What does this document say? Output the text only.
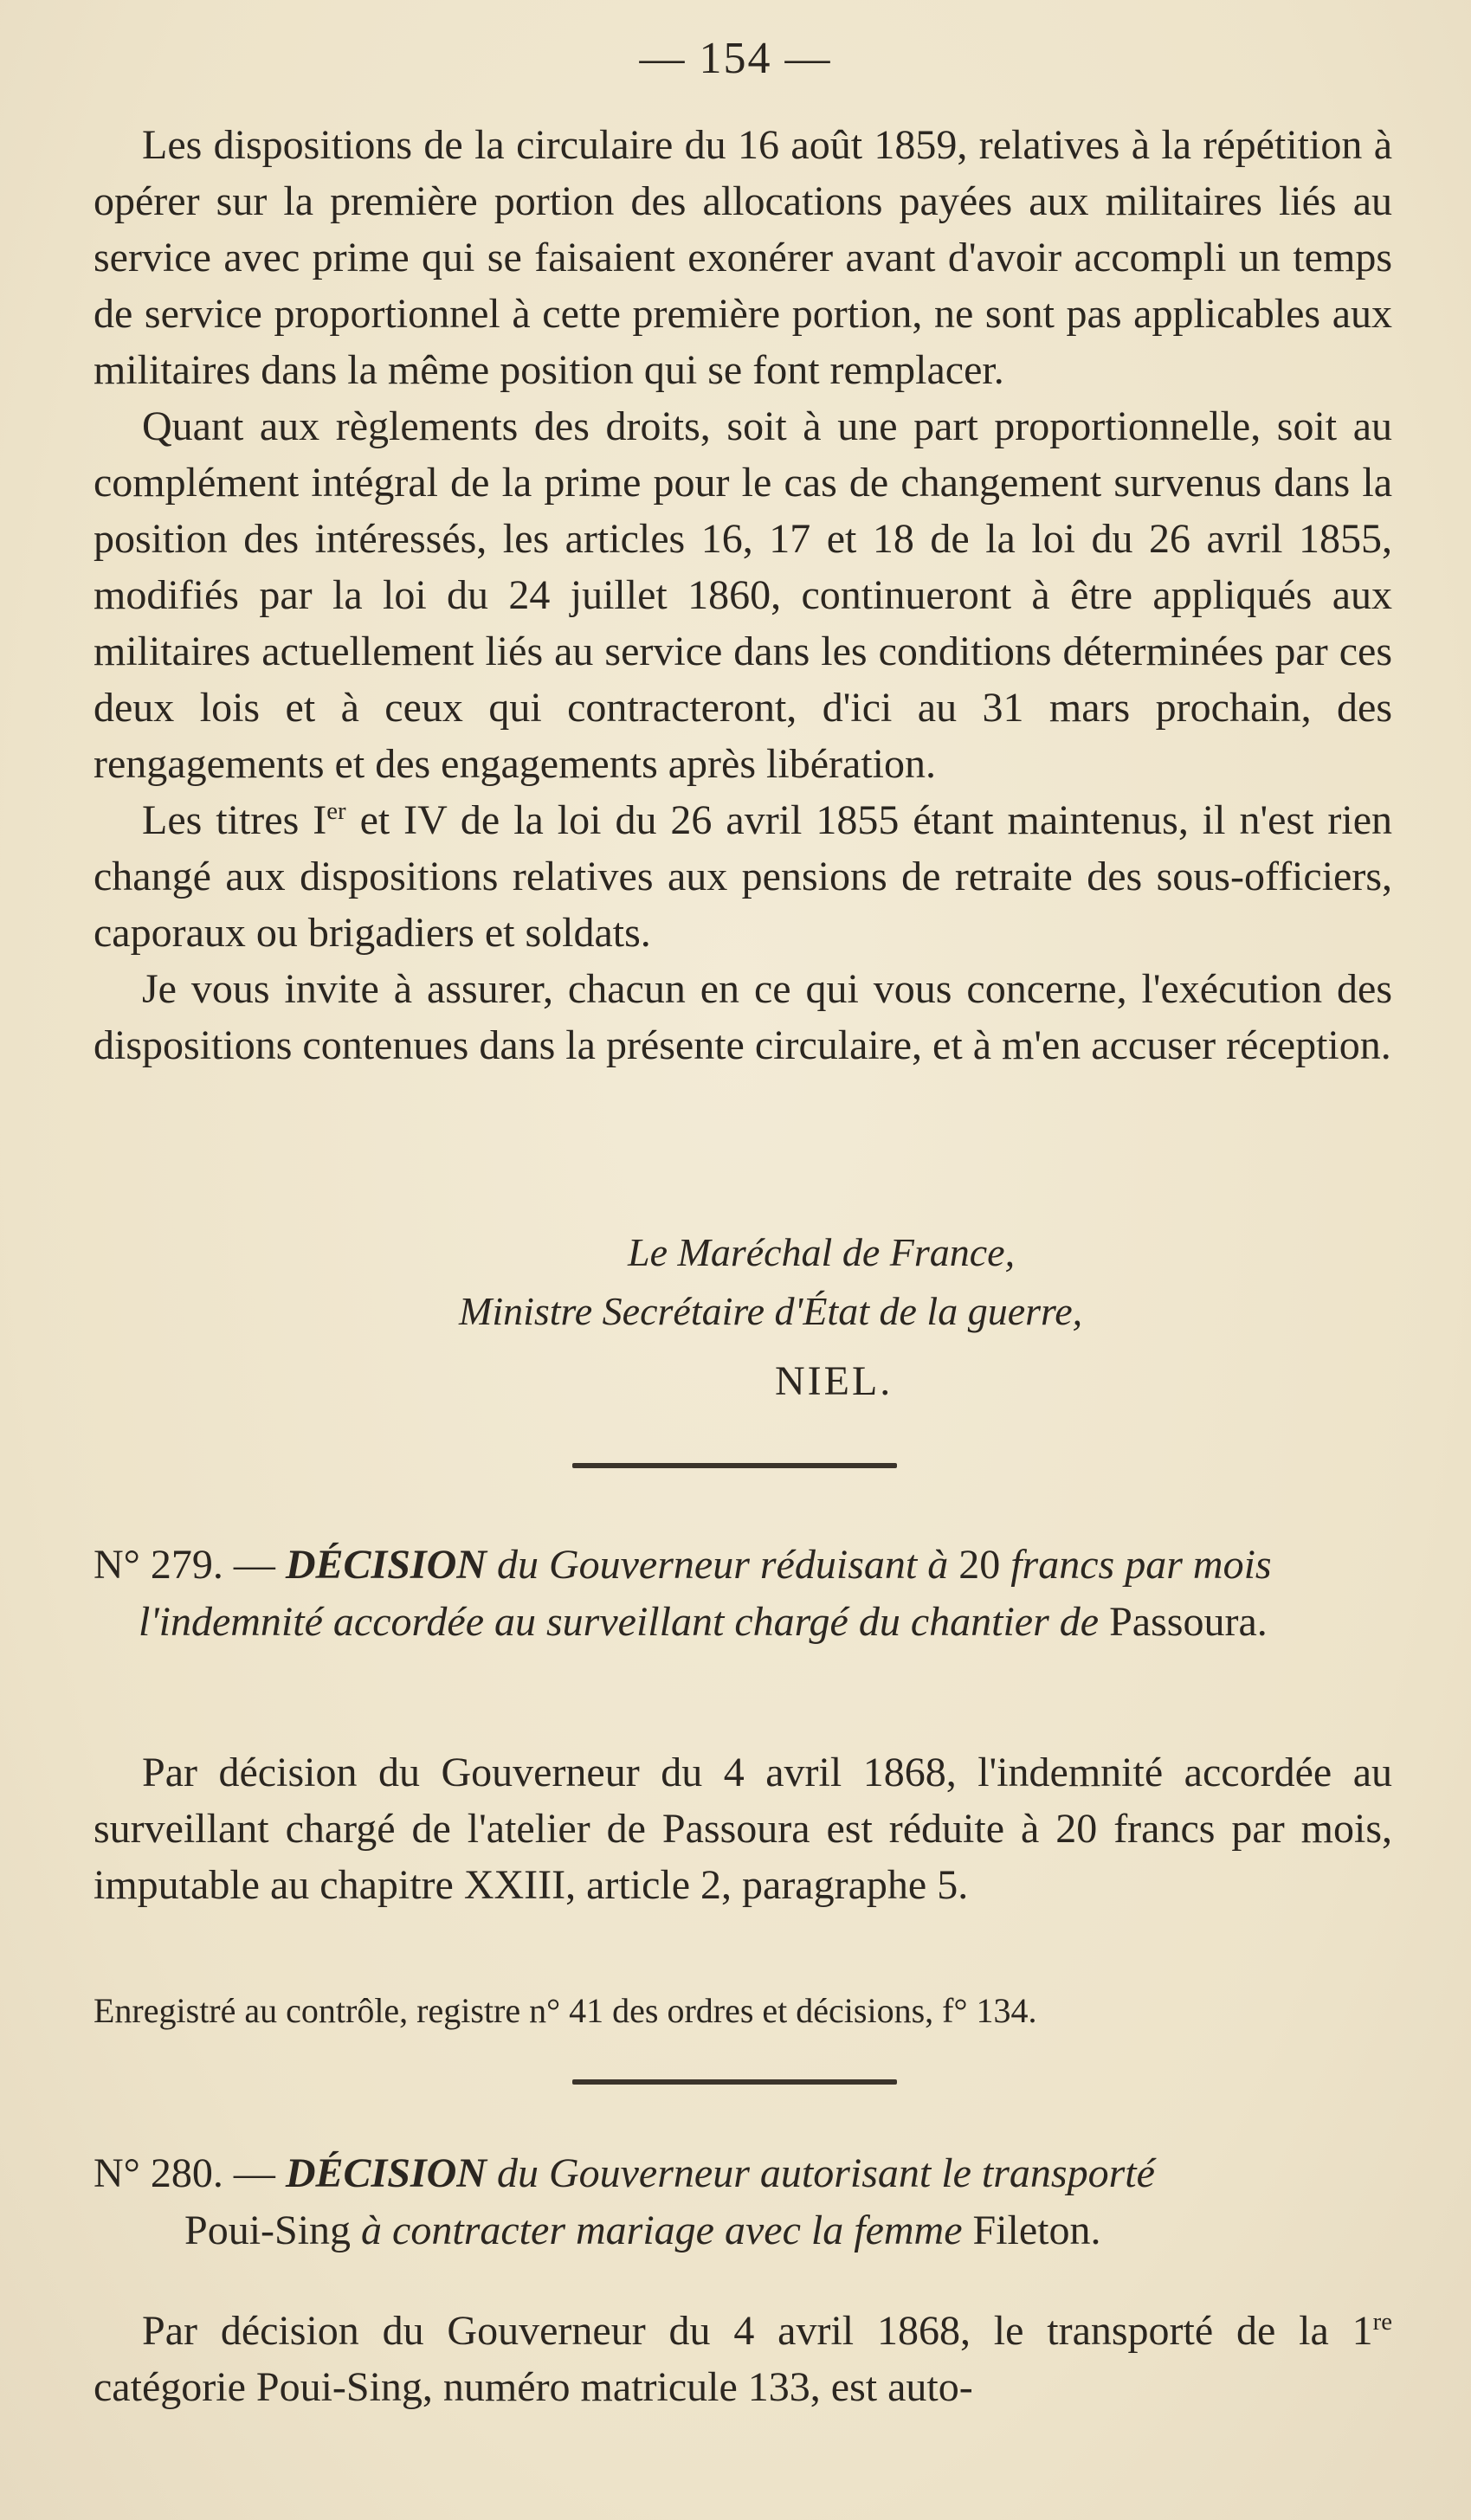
— 154 —

Les dispositions de la circulaire du 16 août 1859, relatives à la répétition à opérer sur la première portion des allocations payées aux militaires liés au service avec prime qui se faisaient exonérer avant d'avoir accompli un temps de service proportionnel à cette première portion, ne sont pas applicables aux militaires dans la même position qui se font remplacer.

Quant aux règlements des droits, soit à une part proportionnelle, soit au complément intégral de la prime pour le cas de changement survenus dans la position des intéressés, les articles 16, 17 et 18 de la loi du 26 avril 1855, modifiés par la loi du 24 juillet 1860, continueront à être appliqués aux militaires actuellement liés au service dans les conditions déterminées par ces deux lois et à ceux qui contracteront, d'ici au 31 mars prochain, des rengagements et des engagements après libération.

Les titres Ier et IV de la loi du 26 avril 1855 étant maintenus, il n'est rien changé aux dispositions relatives aux pensions de retraite des sous-officiers, caporaux ou brigadiers et soldats.

Je vous invite à assurer, chacun en ce qui vous concerne, l'exécution des dispositions contenues dans la présente circulaire, et à m'en accuser réception.

Le Maréchal de France,
Ministre Secrétaire d'État de la guerre,
NIEL.

N° 279. — DÉCISION du Gouverneur réduisant à 20 francs par mois l'indemnité accordée au surveillant chargé du chantier de Passoura.

Par décision du Gouverneur du 4 avril 1868, l'indemnité accordée au surveillant chargé de l'atelier de Passoura est réduite à 20 francs par mois, imputable au chapitre XXIII, article 2, paragraphe 5.

Enregistré au contrôle, registre n° 41 des ordres et décisions, f° 134.

N° 280. — DÉCISION du Gouverneur autorisant le transporté

Poui-Sing à contracter mariage avec la femme Fileton.

Par décision du Gouverneur du 4 avril 1868, le transporté de la 1re catégorie Poui-Sing, numéro matricule 133, est auto-
